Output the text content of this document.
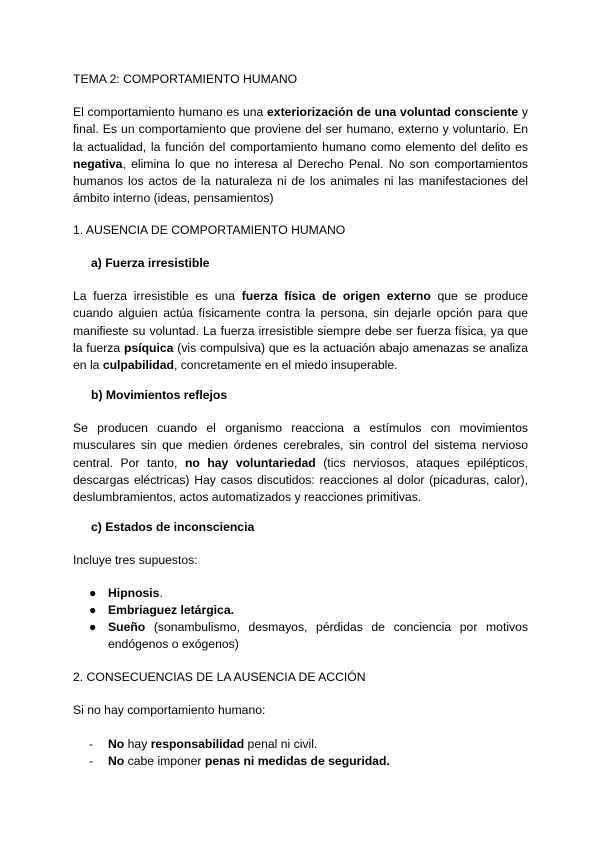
TEMA 2: COMPORTAMIENTO HUMANO
El comportamiento humano es una exteriorización de una voluntad consciente y final. Es un comportamiento que proviene del ser humano, externo y voluntario. En la actualidad, la función del comportamiento humano como elemento del delito es negativa, elimina lo que no interesa al Derecho Penal. No son comportamientos humanos los actos de la naturaleza ni de los animales ni las manifestaciones del ámbito interno (ideas, pensamientos)
1. AUSENCIA DE COMPORTAMIENTO HUMANO
a) Fuerza irresistible
La fuerza irresistible es una fuerza física de origen externo que se produce cuando alguien actúa físicamente contra la persona, sin dejarle opción para que manifieste su voluntad. La fuerza irresistible siempre debe ser fuerza física, ya que la fuerza psíquica (vis compulsiva) que es la actuación abajo amenazas se analiza en la culpabilidad, concretamente en el miedo insuperable.
b) Movimientos reflejos
Se producen cuando el organismo reacciona a estímulos con movimientos musculares sin que medien órdenes cerebrales, sin control del sistema nervioso central. Por tanto, no hay voluntariedad (tics nerviosos, ataques epilépticos, descargas eléctricas) Hay casos discutidos: reacciones al dolor (picaduras, calor), deslumbramientos, actos automatizados y reacciones primitivas.
c) Estados de inconsciencia
Incluye tres supuestos:
● Hipnosis.
● Embriaguez letárgica.
● Sueño (sonambulismo, desmayos, pérdidas de conciencia por motivos endógenos o exógenos)
2. CONSECUENCIAS DE LA AUSENCIA DE ACCIÓN
Si no hay comportamiento humano:
- No hay responsabilidad penal ni civil.
- No cabe imponer penas ni medidas de seguridad.
